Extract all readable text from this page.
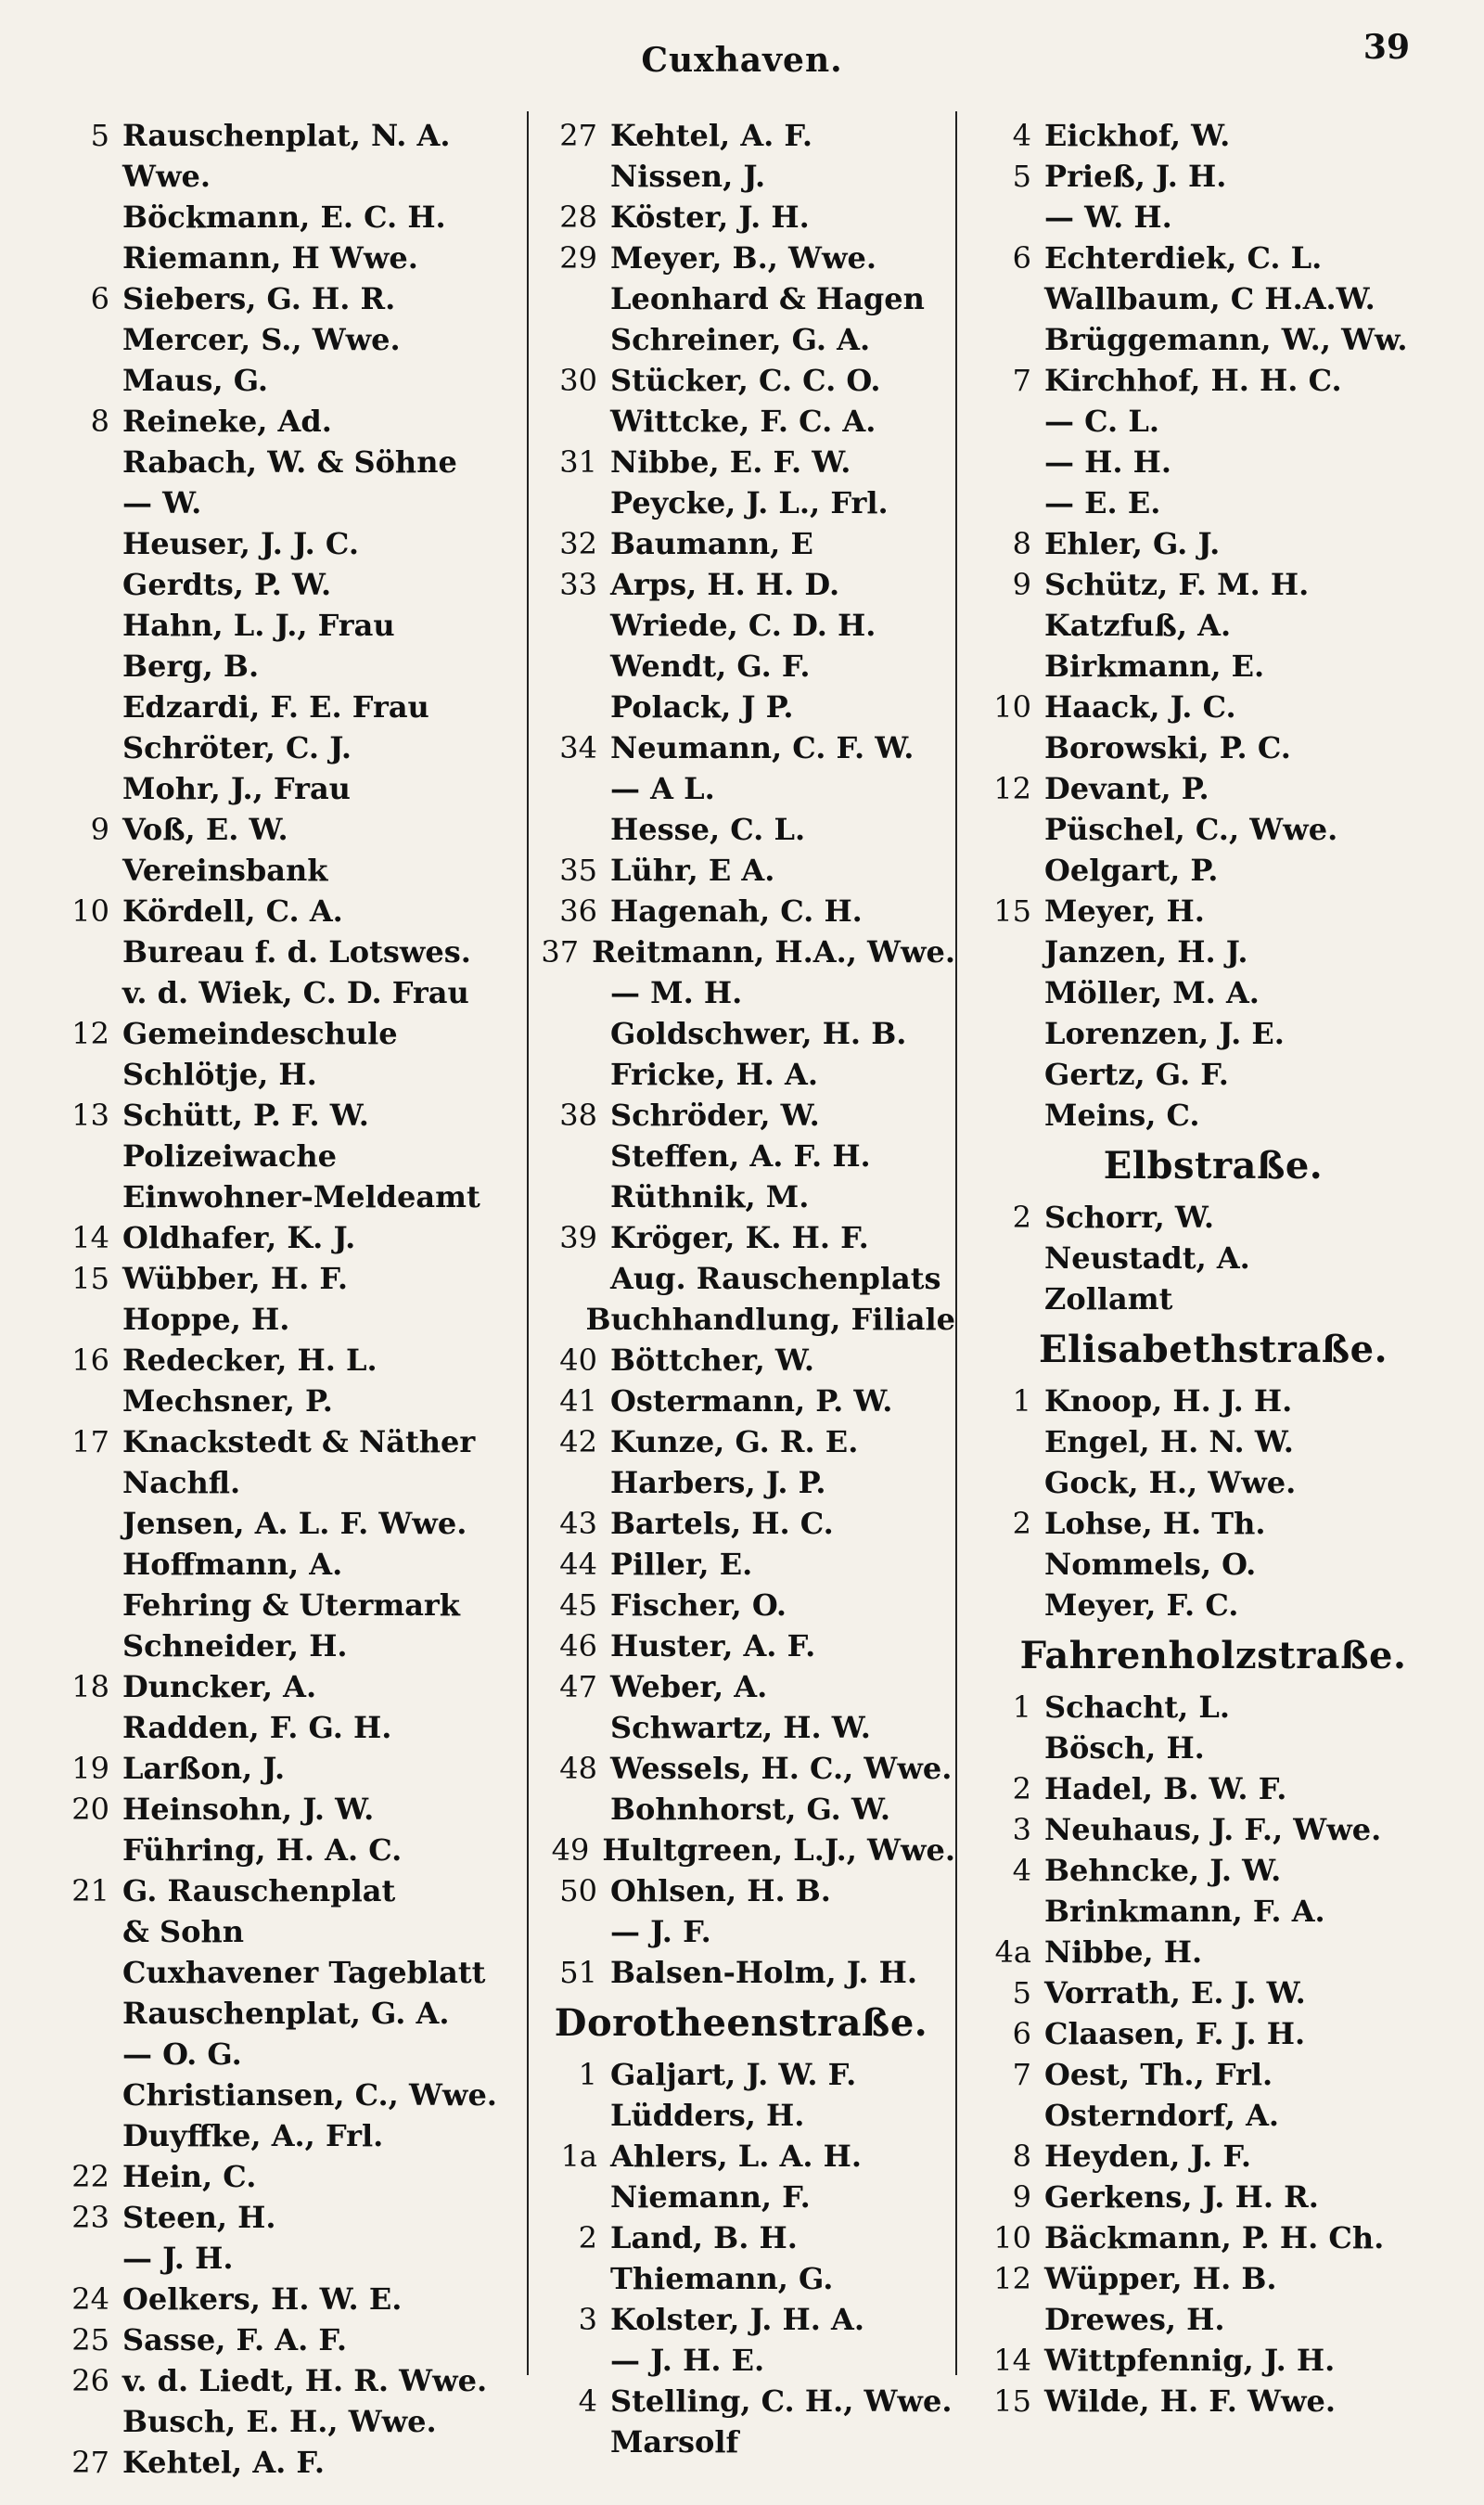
Cuxhaven.	39
5 Rauschenplat, N. A.
Wwe.
Böckmann, E. C. H.
Riemann, H Wwe.
6 Siebers, G. H. R.
Mercer, S., Wwe.
Maus, G.
8 Reineke, Ad.
Rabach, W. & Söhne
— W.
Heuser, J. J. C.
Gerdts, P. W.
Hahn, L. J., Frau
Berg, B.
Edzardi, F. E. Frau
Schröter, C. J.
Mohr, J., Frau
9 Voß, E. W.
Vereinsbank
10 Kördell, C. A.
Bureau f. d. Lotswes.
v. d. Wiek, C. D. Frau
12 Gemeindeschule
Schlötje, H.
13 Schütt, P. F. W.
Polizeiwache
Einwohner-Meldeamt
14 Oldhafer, K. J.
15 Wübber, H. F.
Hoppe, H.
16 Redecker, H. L.
Mechsner, P.
17 Knackstedt & Näther
Nachfl.
Jensen, A. L. F. Wwe.
Hoffmann, A.
Fehring & Utermark
Schneider, H.
18 Duncker, A.
Radden, F. G. H.
19 Larßon, J.
20 Heinsohn, J. W.
Führing, H. A. C.
21 G. Rauschenplat
& Sohn
Cuxhavener Tageblatt
Rauschenplat, G. A.
— O. G.
Christiansen, C., Wwe.
Duyffke, A., Frl.
22 Hein, C.
23 Steen, H.
— J. H.
24 Oelkers, H. W. E.
25 Sasse, F. A. F.
26 v. d. Liedt, H. R. Wwe.
Busch, E. H., Wwe.
27 Kehtel, A. F.
27 Kehtel, A. F.
Nissen, J.
28 Köster, J. H.
29 Meyer, B., Wwe.
Leonhard & Hagen
Schreiner, G. A.
30 Stücker, C. C. O.
Wittcke, F. C. A.
31 Nibbe, E. F. W.
Peycke, J. L., Frl.
32 Baumann, E
33 Arps, H. H. D.
Wriede, C. D. H.
Wendt, G. F.
Polack, J P.
34 Neumann, C. F. W.
— A L.
Hesse, C. L.
35 Lühr, E A.
36 Hagenah, C. H.
37 Reitmann, H.A., Wwe.
— M. H.
Goldschwer, H. B.
Fricke, H. A.
38 Schröder, W.
Steffen, A. F. H.
Rüthnik, M.
39 Kröger, K. H. F.
Aug. Rauschenplats
Buchhandlung, Filiale
40 Böttcher, W.
41 Ostermann, P. W.
42 Kunze, G. R. E.
Harbers, J. P.
43 Bartels, H. C.
44 Piller, E.
45 Fischer, O.
46 Huster, A. F.
47 Weber, A.
Schwartz, H. W.
48 Wessels, H. C., Wwe.
Bohnhorst, G. W.
49 Hultgreen, L.J., Wwe.
50 Ohlsen, H. B.
— J. F.
51 Balsen-Holm, J. H.
Dorotheenstraße.
1 Galjart, J. W. F.
Lüdders, H.
1a Ahlers, L. A. H.
Niemann, F.
2 Land, B. H.
Thiemann, G.
3 Kolster, J. H. A.
— J. H. E.
4 Stelling, C. H., Wwe.
Marsolf
4 Eickhof, W.
5 Prieß, J. H.
— W. H.
6 Echterdiek, C. L.
Wallbaum, C H.A.W.
Brüggemann, W., Ww.
7 Kirchhof, H. H. C.
— C. L.
— H. H.
— E. E.
8 Ehler, G. J.
9 Schütz, F. M. H.
Katzfuß, A.
Birkmann, E.
10 Haack, J. C.
Borowski, P. C.
12 Devant, P.
Püschel, C., Wwe.
Oelgart, P.
15 Meyer, H.
Janzen, H. J.
Möller, M. A.
Lorenzen, J. E.
Gertz, G. F.
Meins, C.
Elbstraße.
2 Schorr, W.
Neustadt, A.
Zollamt
Elisabethstraße.
1 Knoop, H. J. H.
Engel, H. N. W.
Gock, H., Wwe.
2 Lohse, H. Th.
Nommels, O.
Meyer, F. C.
Fahrenholzstraße.
1 Schacht, L.
Bösch, H.
2 Hadel, B. W. F.
3 Neuhaus, J. F., Wwe.
4 Behncke, J. W.
Brinkmann, F. A.
4a Nibbe, H.
5 Vorrath, E. J. W.
6 Claasen, F. J. H.
7 Oest, Th., Frl.
Osterndorf, A.
8 Heyden, J. F.
9 Gerkens, J. H. R.
10 Bäckmann, P. H. Ch.
12 Wüpper, H. B.
Drewes, H.
14 Wittpfennig, J. H.
15 Wilde, H. F. Wwe.
